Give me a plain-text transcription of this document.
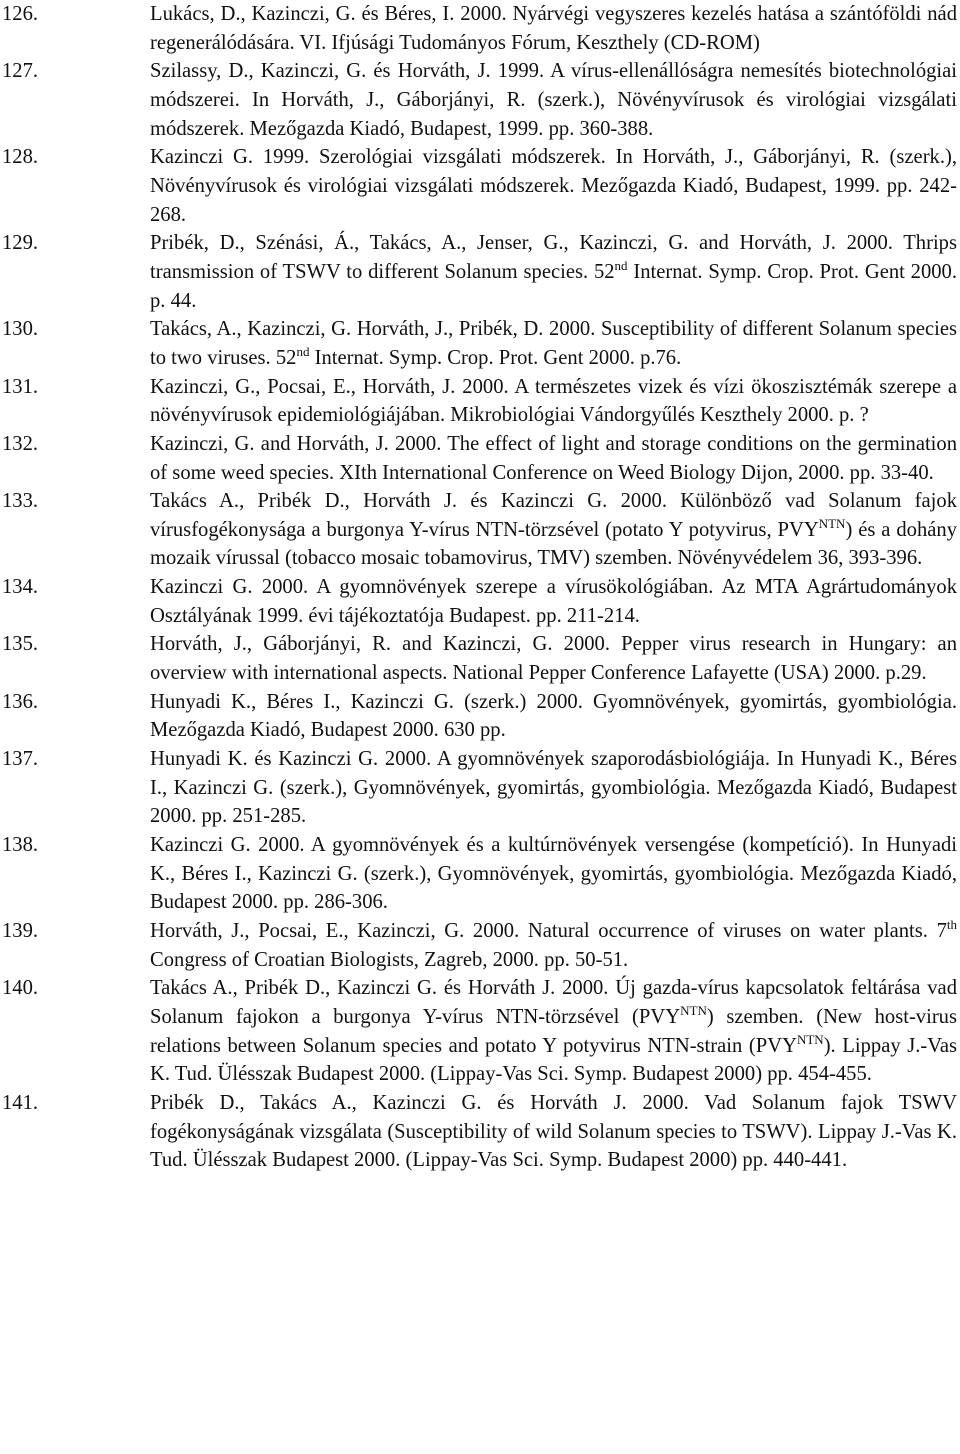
126.	Lukács, D., Kazinczi, G. és Béres, I. 2000. Nyárvégi vegyszeres kezelés hatása a szántóföldi nád regenerálódására. VI. Ifjúsági Tudományos Fórum, Keszthely (CD-ROM)
127.	Szilassy, D., Kazinczi, G. és Horváth, J. 1999. A vírus-ellenállóságra nemesítés biotechnológiai módszerei. In Horváth, J., Gáborjányi, R. (szerk.), Növényvírusok és virológiai vizsgálati módszerek. Mezőgazda Kiadó, Budapest, 1999. pp. 360-388.
128.	Kazinczi G. 1999. Szerológiai vizsgálati módszerek. In Horváth, J., Gáborjányi, R. (szerk.), Növényvírusok és virológiai vizsgálati módszerek. Mezőgazda Kiadó, Budapest, 1999. pp. 242-268.
129.	Pribék, D., Szénási, Á., Takács, A., Jenser, G., Kazinczi, G. and Horváth, J. 2000. Thrips transmission of TSWV to different Solanum species. 52nd Internat. Symp. Crop. Prot. Gent 2000. p. 44.
130.	Takács, A., Kazinczi, G. Horváth, J., Pribék, D. 2000. Susceptibility of different Solanum species to two viruses. 52nd Internat. Symp. Crop. Prot. Gent 2000. p.76.
131.	Kazinczi, G., Pocsai, E., Horváth, J. 2000. A természetes vizek és vízi ökoszisztémák szerepe a növényvírusok epidemiológiájában. Mikrobiológiai Vándorgyűlés Keszthely 2000. p. ?
132.	Kazinczi, G. and Horváth, J. 2000. The effect of light and storage conditions on the germination of some weed species. XIth International Conference on Weed Biology Dijon, 2000. pp. 33-40.
133.	Takács A., Pribék D., Horváth J. és Kazinczi G. 2000. Különböző vad Solanum fajok vírusfogékonysága a burgonya Y-vírus NTN-törzsével (potato Y potyvirus, $PVY^{NTN}$) és a dohány mozaik vírussal (tobacco mosaic tobamovirus, TMV) szemben. Növényvédelem 36, 393-396.
134.	Kazinczi G. 2000. A gyomnövények szerepe a vírusökológiában. Az MTA Agrártudományok Osztályának 1999. évi tájékoztatója Budapest. pp. 211-214.
135.	Horváth, J., Gáborjányi, R. and Kazinczi, G. 2000. Pepper virus research in Hungary: an overview with international aspects. National Pepper Conference Lafayette (USA) 2000. p.29.
136.	Hunyadi K., Béres I., Kazinczi G. (szerk.) 2000. Gyomnövények, gyomirtás, gyombiológia. Mezőgazda Kiadó, Budapest 2000. 630 pp.
137.	Hunyadi K. és Kazinczi G. 2000. A gyomnövények szaporodásbiológiája. In Hunyadi K., Béres I., Kazinczi G. (szerk.), Gyomnövények, gyomirtás, gyombiológia. Mezőgazda Kiadó, Budapest 2000. pp. 251-285.
138.	Kazinczi G. 2000. A gyomnövények és a kultúrnövények versengése (kompetíció). In Hunyadi K., Béres I., Kazinczi G. (szerk.), Gyomnövények, gyomirtás, gyombiológia. Mezőgazda Kiadó, Budapest 2000. pp. 286-306.
139.	Horváth, J., Pocsai, E., Kazinczi, G. 2000. Natural occurrence of viruses on water plants. 7th Congress of Croatian Biologists, Zagreb, 2000. pp. 50-51.
140.	Takács A., Pribék D., Kazinczi G. és Horváth J. 2000. Új gazda-vírus kapcsolatok feltárása vad Solanum fajokon a burgonya Y-vírus NTN-törzsével $(PVY^{NTN})$ szemben. (New host-virus relations between Solanum species and potato Y potyvirus NTN-strain $(PVY^{NTN})$. Lippay J.-Vas K. Tud. Ülésszak Budapest 2000. (Lippay-Vas Sci. Symp. Budapest 2000) pp. 454-455.
141.	Pribék D., Takács A., Kazinczi G. és Horváth J. 2000. Vad Solanum fajok TSWV fogékonyságának vizsgálata (Susceptibility of wild Solanum species to TSWV). Lippay J.-Vas K. Tud. Ülésszak Budapest 2000. (Lippay-Vas Sci. Symp. Budapest 2000) pp. 440-441.
